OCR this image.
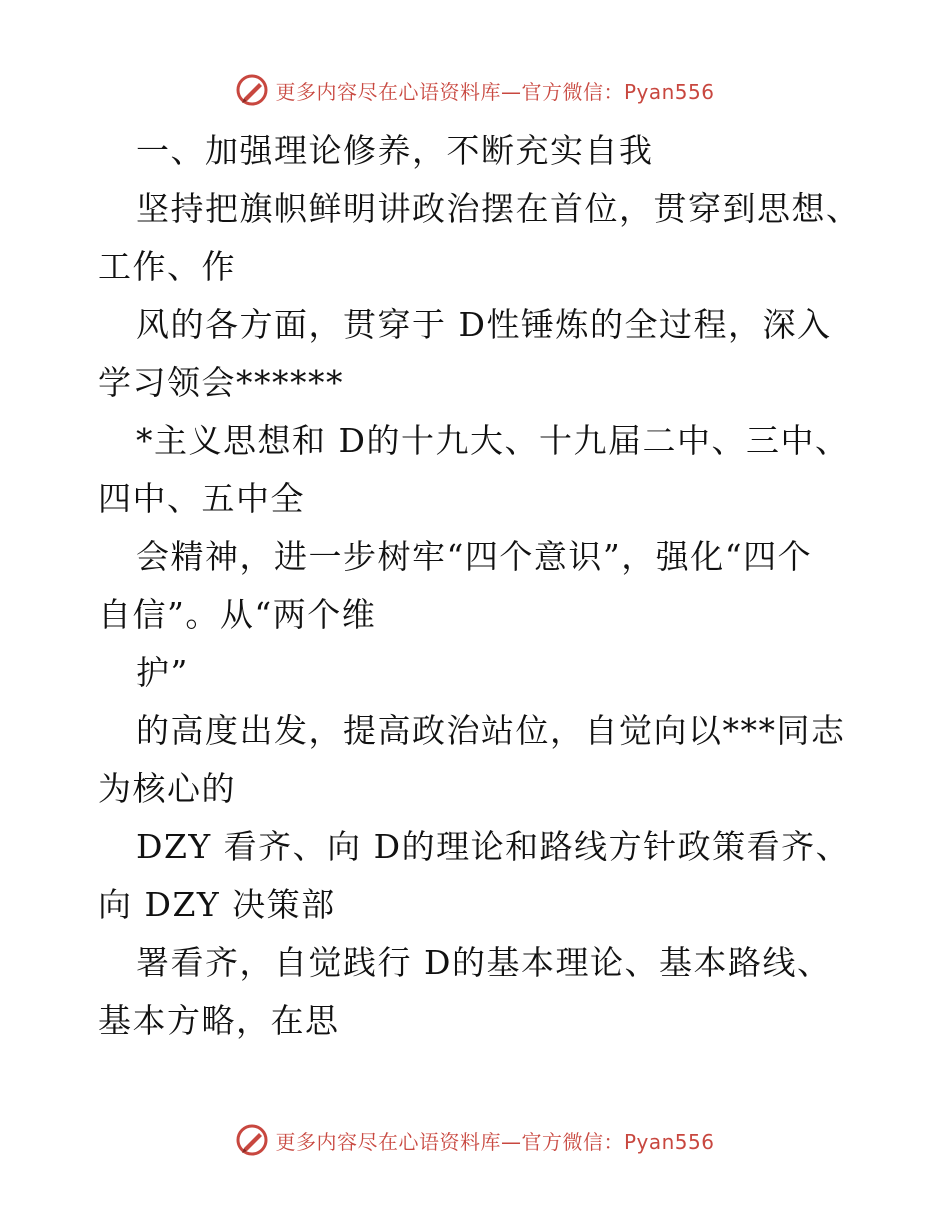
更多内容尽在心语资料库—官方微信：Pyan556
一、加强理论修养，不断充实自我
坚持把旗帜鲜明讲政治摆在首位，贯穿到思想、
工作、作
风的各方面，贯穿于 D性锤炼的全过程，深入
学习领会******
*主义思想和 D的十九大、十九届二中、三中、
四中、五中全
会精神，进一步树牢“四个意识”，强化“四个
自信”。从“两个维
护”
的高度出发，提高政治站位，自觉向以***同志
为核心的
DZY 看齐、向 D的理论和路线方针政策看齐、
向 DZY 决策部
署看齐，自觉践行 D的基本理论、基本路线、
基本方略，在思
更多内容尽在心语资料库—官方微信：Pyan556
